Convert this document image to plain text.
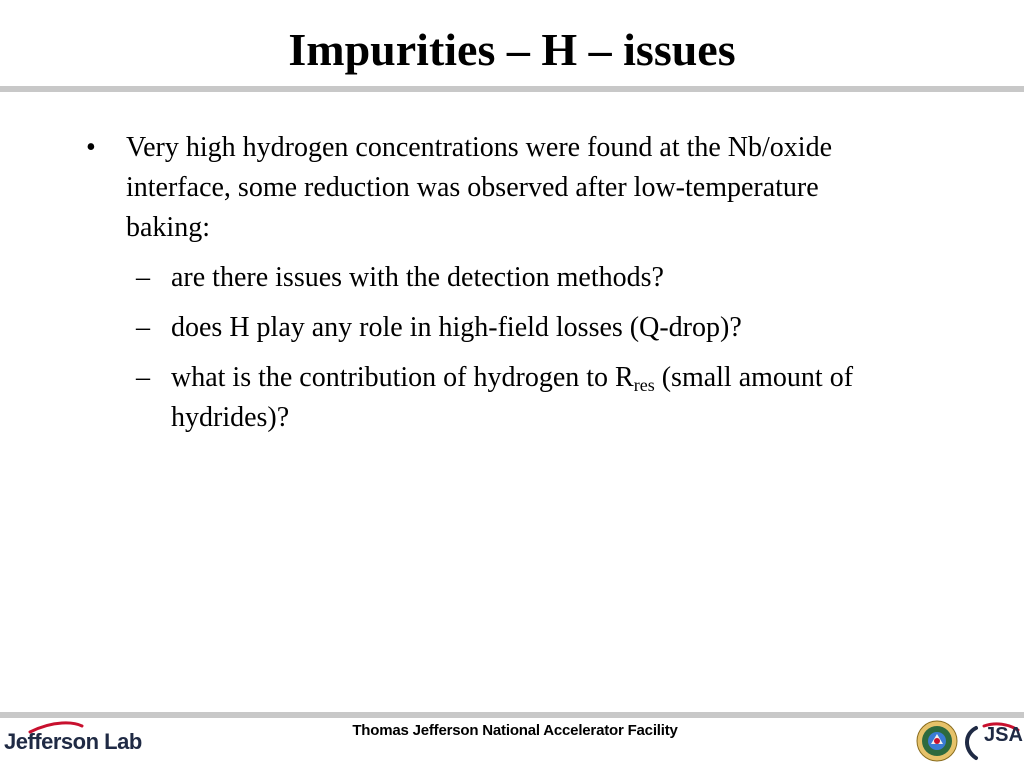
Impurities – H – issues
• Very high hydrogen concentrations were found at the Nb/oxide interface, some reduction was observed after low-temperature baking:
– are there issues with the detection methods?
– does H play any role in high-field losses (Q-drop)?
– what is the contribution of hydrogen to $R_{res}$ (small amount of hydrides)?
Jefferson Lab	Thomas Jefferson National Accelerator Facility	JSA
